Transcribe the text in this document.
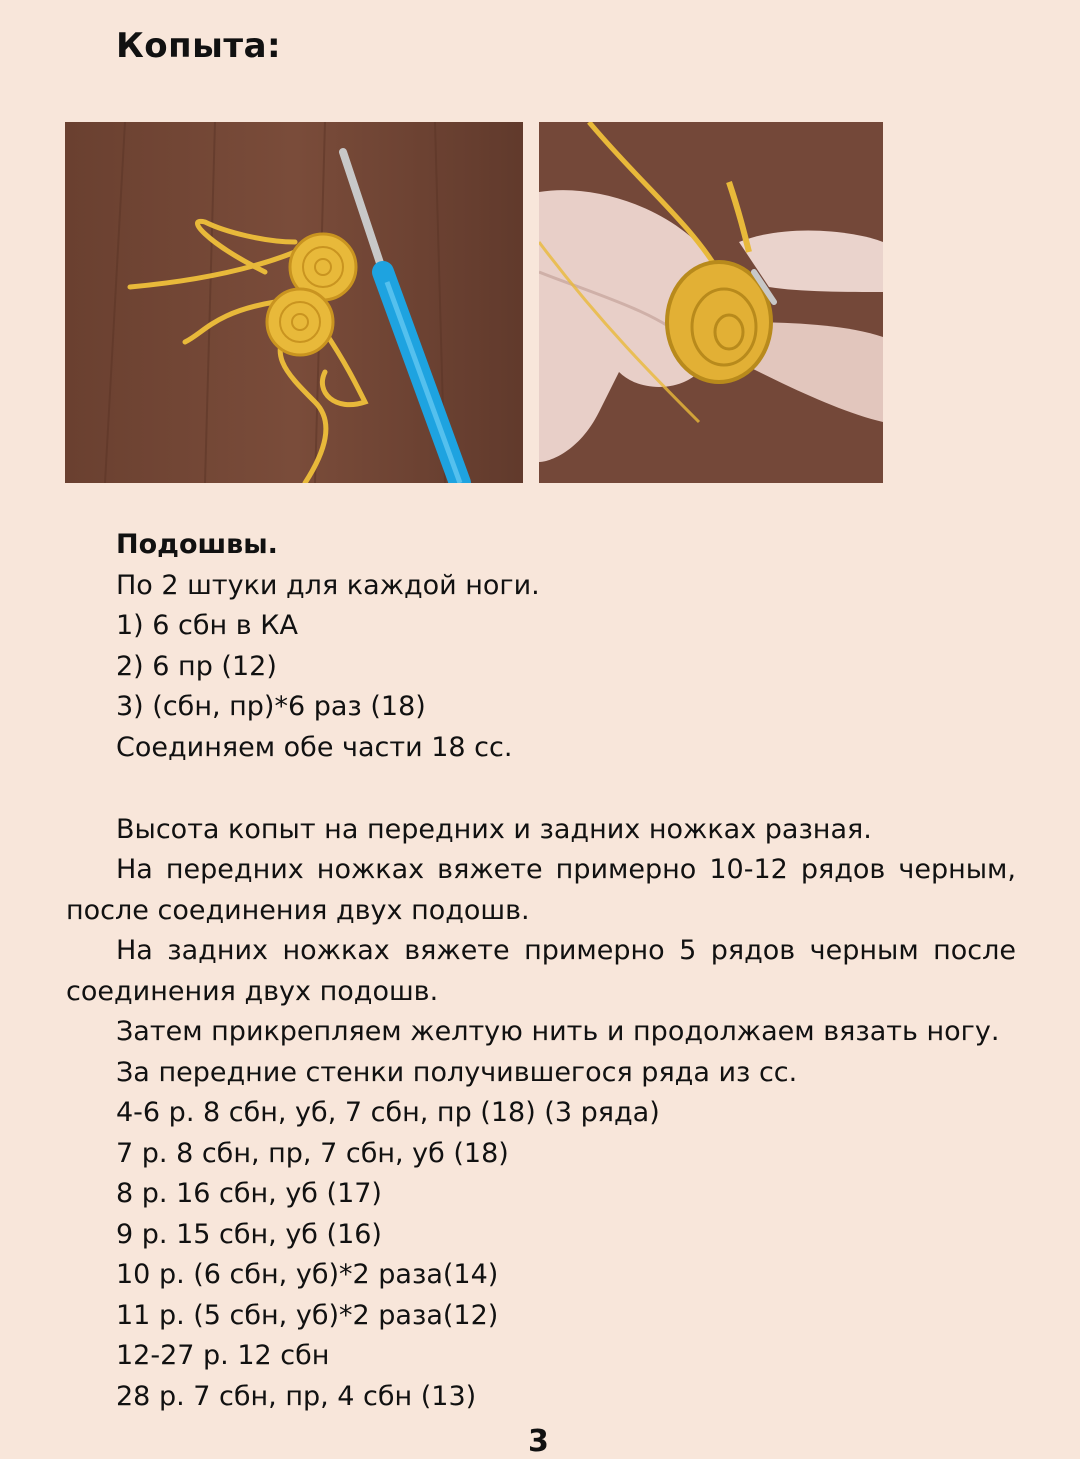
Копыта:
Подошвы.
По 2 штуки для каждой ноги.
1) 6 сбн в КА
2) 6 пр (12)
3) (сбн, пр)*6 раз (18)
Соединяем обе части 18 сс.
Высота копыт на передних и задних ножках разная.
На передних ножках вяжете примерно 10-12 рядов черным,
после соединения двух подошв.
На задних ножках вяжете примерно 5 рядов черным после
соединения двух подошв.
Затем прикрепляем желтую нить и продолжаем вязать ногу.
За передние стенки получившегося ряда из сс.
4-6 р. 8 сбн, уб, 7 сбн, пр (18) (3 ряда)
7 р. 8 сбн, пр, 7 сбн, уб (18)
8 р. 16 сбн, уб (17)
9 р. 15 сбн, уб (16)
10 р. (6 сбн, уб)*2 раза(14)
11 р. (5 сбн, уб)*2 раза(12)
12-27 р. 12 сбн
28 р. 7 сбн, пр, 4 сбн (13)
3
